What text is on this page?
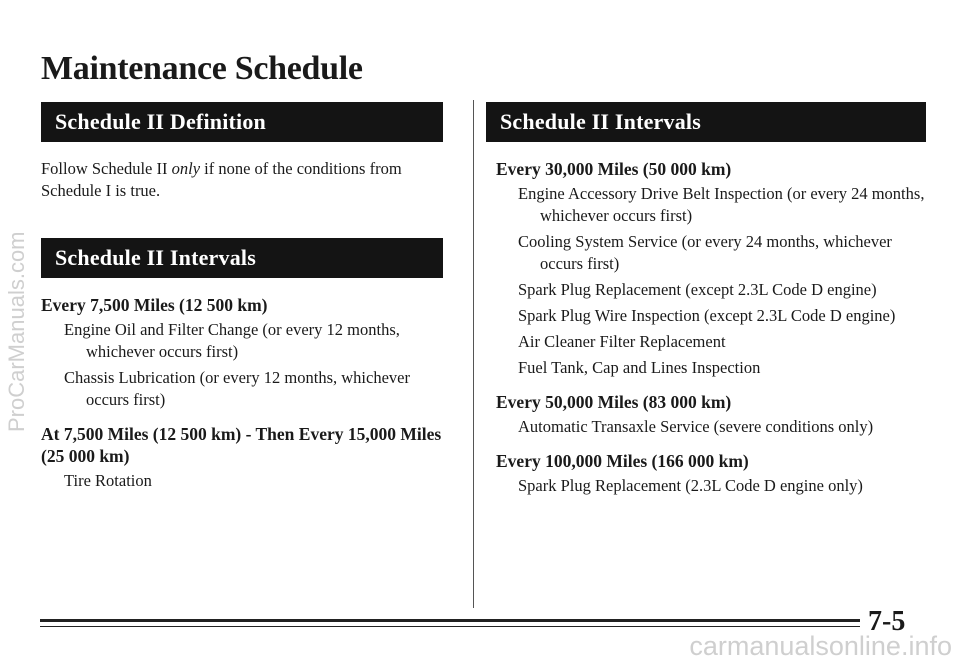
ProCarManuals.com
Maintenance Schedule
Schedule II Definition

Follow Schedule II only if none of the conditions from Schedule I is true.

Schedule II Intervals

Every 7,500 Miles (12 500 km)

Engine Oil and Filter Change (or every 12 months, whichever occurs first)

Chassis Lubrication (or every 12 months, whichever occurs first)

At 7,500 Miles (12 500 km) - Then Every 15,000 Miles (25 000 km)

Tire Rotation

Schedule II Intervals

Every 30,000 Miles (50 000 km)

Engine Accessory Drive Belt Inspection (or every 24 months, whichever occurs first)

Cooling System Service (or every 24 months, whichever occurs first)

Spark Plug Replacement (except 2.3L Code D engine)

Spark Plug Wire Inspection (except 2.3L Code D engine)

Air Cleaner Filter Replacement

Fuel Tank, Cap and Lines Inspection

Every 50,000 Miles (83 000 km)

Automatic Transaxle Service (severe conditions only)

Every 100,000 Miles (166 000 km)

Spark Plug Replacement (2.3L Code D engine only)

7-5
carmanualsonline.info
